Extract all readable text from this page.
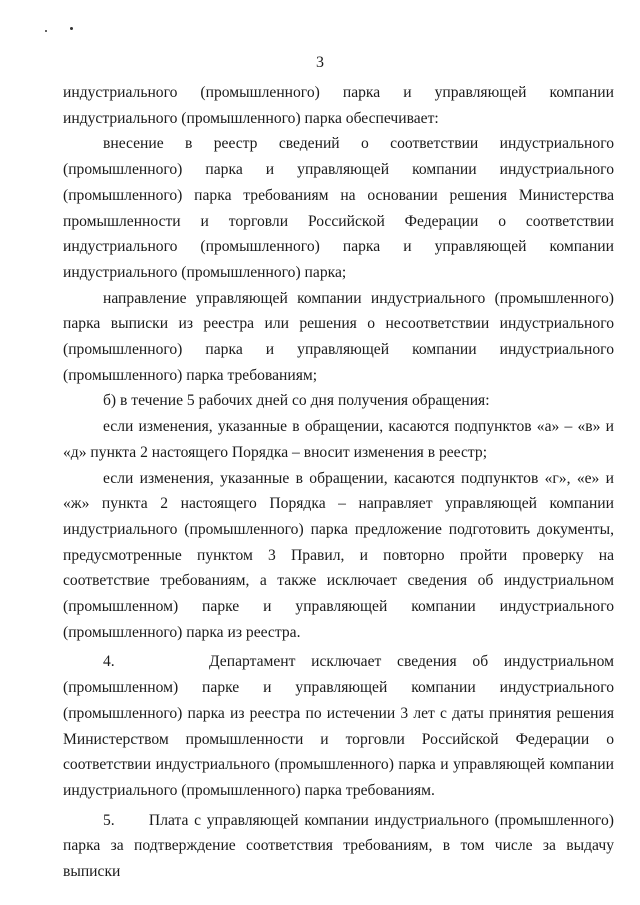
3

индустриального (промышленного) парка и управляющей компании индустриального (промышленного) парка обеспечивает:

внесение в реестр сведений о соответствии индустриального (промышленного) парка и управляющей компании индустриального (промышленного) парка требованиям на основании решения Министерства промышленности и торговли Российской Федерации о соответствии индустриального (промышленного) парка и управляющей компании индустриального (промышленного) парка;

направление управляющей компании индустриального (промышленного) парка выписки из реестра или решения о несоответствии индустриального (промышленного) парка и управляющей компании индустриального (промышленного) парка требованиям;

б) в течение 5 рабочих дней со дня получения обращения:

если изменения, указанные в обращении, касаются подпунктов «а» – «в» и «д» пункта 2 настоящего Порядка – вносит изменения в реестр;

если изменения, указанные в обращении, касаются подпунктов «г», «е» и «ж» пункта 2 настоящего Порядка – направляет управляющей компании индустриального (промышленного) парка предложение подготовить документы, предусмотренные пунктом 3 Правил, и повторно пройти проверку на соответствие требованиям, а также исключает сведения об индустриальном (промышленном) парке и управляющей компании индустриального (промышленного) парка из реестра.

4.      Департамент исключает сведения об индустриальном (промышленном) парке и управляющей компании индустриального (промышленного) парка из реестра по истечении 3 лет с даты принятия решения Министерством промышленности и торговли Российской Федерации о соответствии индустриального (промышленного) парка и управляющей компании индустриального (промышленного) парка требованиям.

5.      Плата с управляющей компании индустриального (промышленного) парка за подтверждение соответствия требованиям, в том числе за выдачу выписки
